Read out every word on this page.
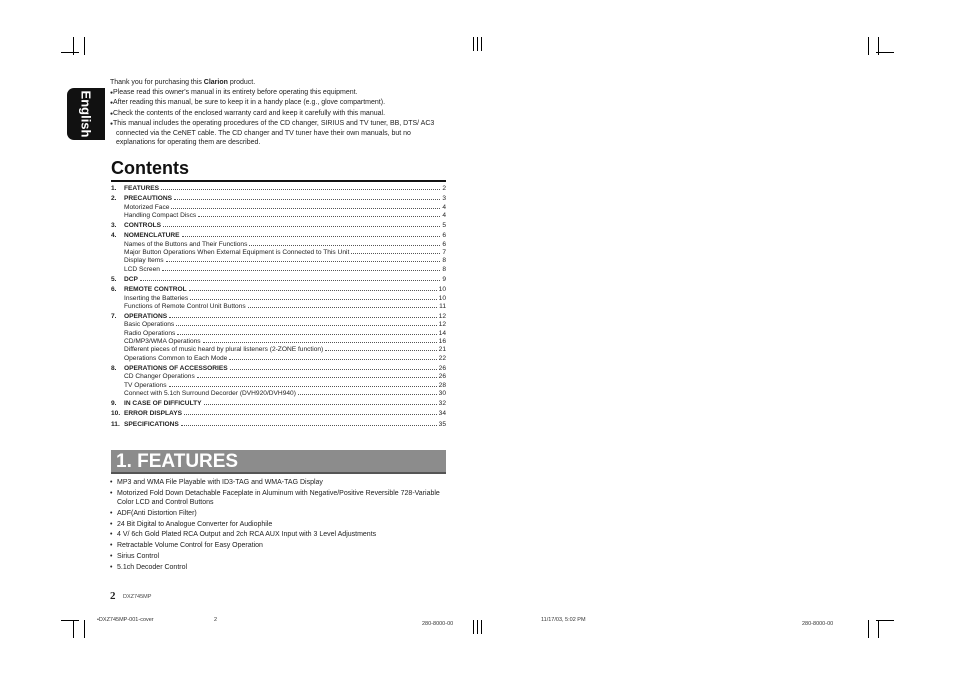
English

Thank you for purchasing this Clarion product.

●Please read this owner's manual in its entirety before operating this equipment.

●After reading this manual, be sure to keep it in a handy place (e.g., glove compartment).

●Check the contents of the enclosed warranty card and keep it carefully with this manual.

●This manual includes the operating procedures of the CD changer, SIRIUS and TV tuner, BB, DTS/ AC3 connected via the CeNET cable. The CD changer and TV tuner have their own manuals, but no explanations for operating them are described.

Contents
1.	FEATURES	2
2.	PRECAUTIONS	3
Motorized Face	4
Handling Compact Discs	4
3.	CONTROLS	5
4.	NOMENCLATURE	6
Names of the Buttons and Their Functions	6
Major Button Operations When External Equipment is Connected to This Unit	7
Display Items	8
LCD Screen	8
5.	DCP	9
6.	REMOTE CONTROL	10
Inserting the Batteries	10
Functions of Remote Control Unit Buttons	11
7.	OPERATIONS	12
Basic Operations	12
Radio Operations	14
CD/MP3/WMA Operations	16
Different pieces of music heard by plural listeners (2-ZONE function)	21
Operations Common to Each Mode	22
8.	OPERATIONS OF ACCESSORIES	26
CD Changer Operations	26
TV Operations	28
Connect with 5.1ch Surround Decorder (DVH920/DVH940)	30
9.	IN CASE OF DIFFICULTY	32
10. ERROR DISPLAYS	34
11. SPECIFICATIONS	35
1. FEATURES
• MP3 and WMA File Playable with ID3-TAG and WMA-TAG Display
• Motorized Fold Down Detachable Faceplate in Aluminum with Negative/Positive Reversible 728-Variable Color LCD and Control Buttons
• ADF(Anti Distortion Filter)
• 24 Bit Digital to Analogue Converter for Audiophile
• 4 V/ 6ch Gold Plated RCA Output and 2ch RCA AUX Input with 3 Level Adjustments
• Retractable Volume Control for Easy Operation
• Sirius Control
• 5.1ch Decoder Control
2 DXZ745MP
•DXZ745MP-001-cover	2
280-8000-00
11/17/03, 5:02 PM
280-8000-00
